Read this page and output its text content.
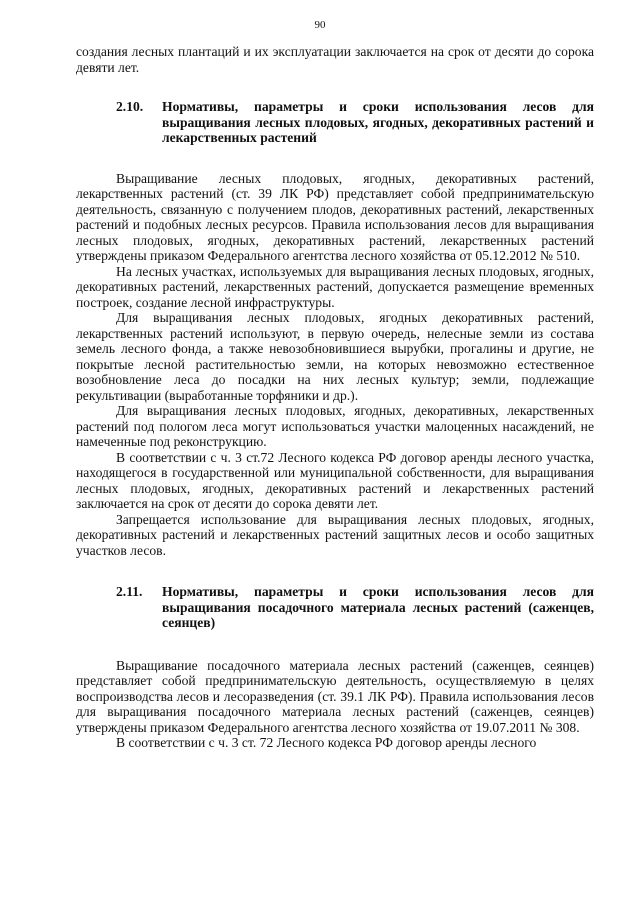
90

создания лесных плантаций и их эксплуатации заключается на срок от десяти до сорока девяти лет.

2.10.	Нормативы, параметры и сроки использования лесов для выращивания лесных плодовых, ягодных, декоративных растений и лекарственных растений

Выращивание лесных плодовых, ягодных, декоративных растений, лекарственных растений (ст. 39 ЛК РФ) представляет собой предпринимательскую деятельность, связанную с получением плодов, декоративных растений, лекарственных растений и подобных лесных ресурсов. Правила использования лесов для выращивания лесных плодовых, ягодных, декоративных растений, лекарственных растений утверждены приказом Федерального агентства лесного хозяйства от 05.12.2012 № 510.

На лесных участках, используемых для выращивания лесных плодовых, ягодных, декоративных растений, лекарственных растений, допускается размещение временных построек, создание лесной инфраструктуры.

Для выращивания лесных плодовых, ягодных декоративных растений, лекарственных растений используют, в первую очередь, нелесные земли из состава земель лесного фонда, а также невозобновившиеся вырубки, прогалины и другие, не покрытые лесной растительностью земли, на которых невозможно естественное возобновление леса до посадки на них лесных культур; земли, подлежащие рекультивации (выработанные торфяники и др.).

Для выращивания лесных плодовых, ягодных, декоративных, лекарственных растений под пологом леса могут использоваться участки малоценных насаждений, не намеченные под реконструкцию.

В соответствии с ч. 3 ст.72 Лесного кодекса РФ договор аренды лесного участка, находящегося в государственной или муниципальной собственности, для выращивания лесных плодовых, ягодных, декоративных растений и лекарственных растений заключается на срок от десяти до сорока девяти лет.

Запрещается использование для выращивания лесных плодовых, ягодных, декоративных растений и лекарственных растений защитных лесов и особо защитных участков лесов.

2.11.	Нормативы, параметры и сроки использования лесов для выращивания посадочного материала лесных растений (саженцев, сеянцев)

Выращивание посадочного материала лесных растений (саженцев, сеянцев) представляет собой предпринимательскую деятельность, осуществляемую в целях воспроизводства лесов и лесоразведения (ст. 39.1 ЛК РФ). Правила использования лесов для выращивания посадочного материала лесных растений (саженцев, сеянцев) утверждены приказом Федерального агентства лесного хозяйства от 19.07.2011 № 308.

В соответствии с ч. 3 ст. 72 Лесного кодекса РФ договор аренды лесного
